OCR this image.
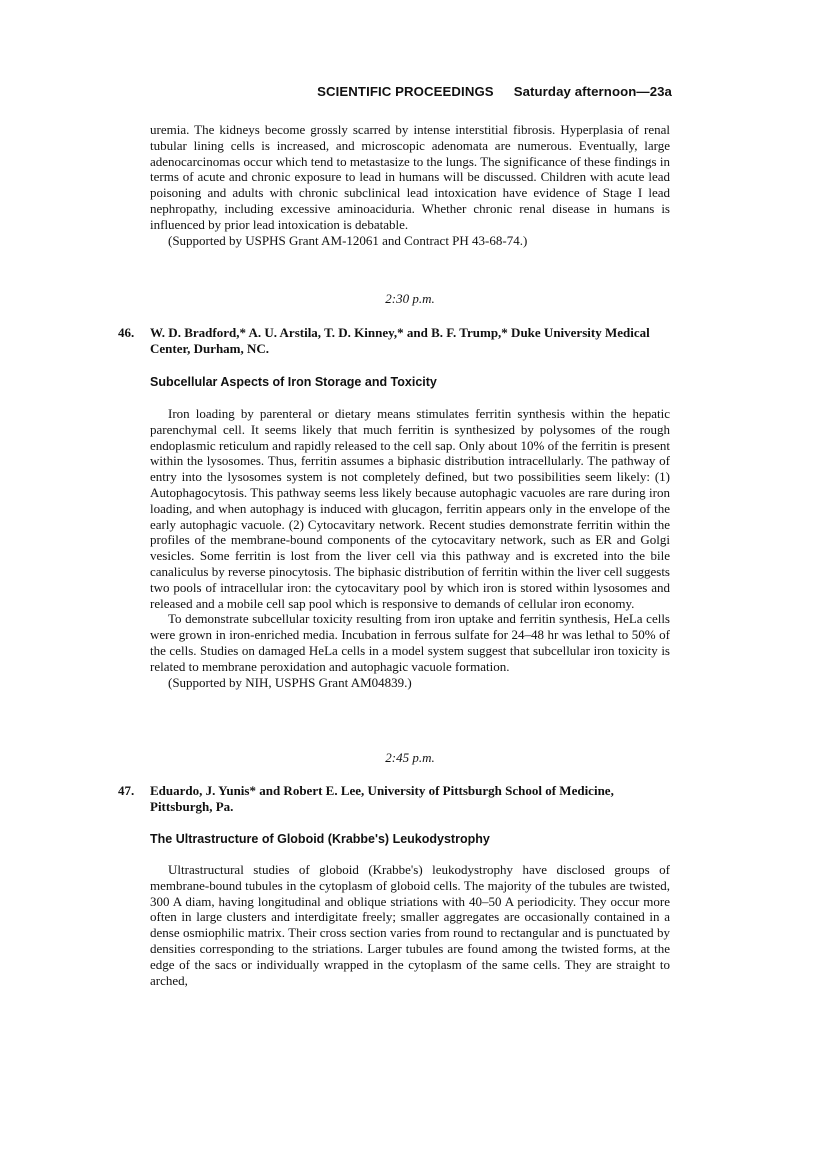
SCIENTIFIC PROCEEDINGS Saturday afternoon—23a

uremia. The kidneys become grossly scarred by intense interstitial fibrosis. Hyperplasia of renal tubular lining cells is increased, and microscopic adenomata are numerous. Eventually, large adenocarcinomas occur which tend to metastasize to the lungs. The significance of these findings in terms of acute and chronic exposure to lead in humans will be discussed. Children with acute lead poisoning and adults with chronic subclinical lead intoxication have evidence of Stage I lead nephropathy, including excessive aminoaciduria. Whether chronic renal disease in humans is influenced by prior lead intoxication is debatable.

(Supported by USPHS Grant AM-12061 and Contract PH 43-68-74.)

2:30 p.m.
46. W. D. Bradford,* A. U. Arstila, T. D. Kinney,* and B. F. Trump,* Duke University Medical Center, Durham, NC.
Subcellular Aspects of Iron Storage and Toxicity

Iron loading by parenteral or dietary means stimulates ferritin synthesis within the hepatic parenchymal cell. It seems likely that much ferritin is synthesized by polysomes of the rough endoplasmic reticulum and rapidly released to the cell sap. Only about 10% of the ferritin is present within the lysosomes. Thus, ferritin assumes a biphasic distribution intracellularly. The pathway of entry into the lysosomes system is not completely defined, but two possibilities seem likely: (1) Autophagocytosis. This pathway seems less likely because autophagic vacuoles are rare during iron loading, and when autophagy is induced with glucagon, ferritin appears only in the envelope of the early autophagic vacuole. (2) Cytocavitary network. Recent studies demonstrate ferritin within the profiles of the membrane-bound components of the cytocavitary network, such as ER and Golgi vesicles. Some ferritin is lost from the liver cell via this pathway and is excreted into the bile canaliculus by reverse pinocytosis. The biphasic distribution of ferritin within the liver cell suggests two pools of intracellular iron: the cytocavitary pool by which iron is stored within lysosomes and released and a mobile cell sap pool which is responsive to demands of cellular iron economy.

To demonstrate subcellular toxicity resulting from iron uptake and ferritin synthesis, HeLa cells were grown in iron-enriched media. Incubation in ferrous sulfate for 24–48 hr was lethal to 50% of the cells. Studies on damaged HeLa cells in a model system suggest that subcellular iron toxicity is related to membrane peroxidation and autophagic vacuole formation.

(Supported by NIH, USPHS Grant AM04839.)

2:45 p.m.
47. Eduardo, J. Yunis* and Robert E. Lee, University of Pittsburgh School of Medicine, Pittsburgh, Pa.
The Ultrastructure of Globoid (Krabbe's) Leukodystrophy

Ultrastructural studies of globoid (Krabbe's) leukodystrophy have disclosed groups of membrane-bound tubules in the cytoplasm of globoid cells. The majority of the tubules are twisted, 300 A diam, having longitudinal and oblique striations with 40–50 A periodicity. They occur more often in large clusters and interdigitate freely; smaller aggregates are occasionally contained in a dense osmiophilic matrix. Their cross section varies from round to rectangular and is punctuated by densities corresponding to the striations. Larger tubules are found among the twisted forms, at the edge of the sacs or individually wrapped in the cytoplasm of the same cells. They are straight to arched,
